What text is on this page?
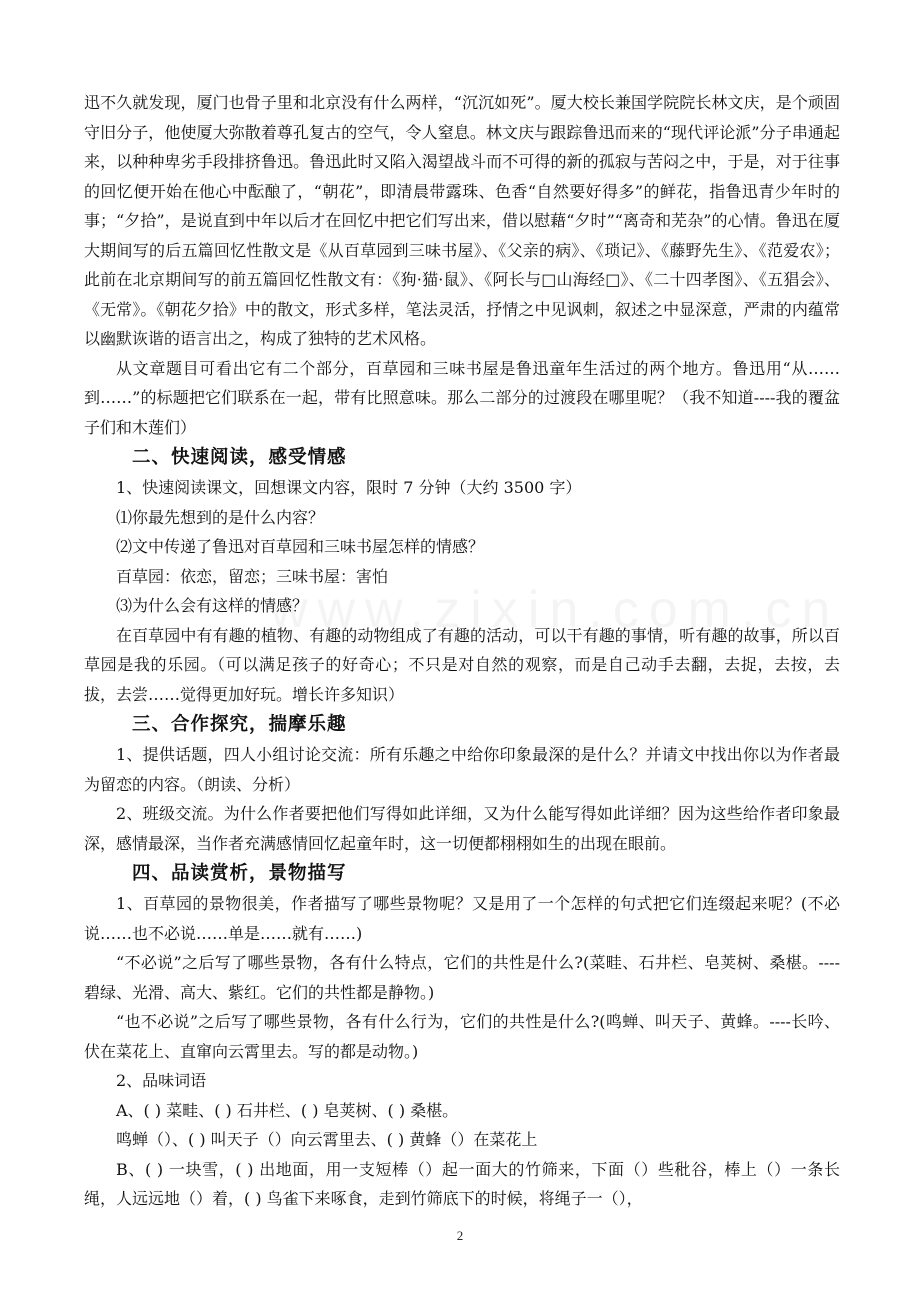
迅不久就发现，厦门也骨子里和北京没有什么两样，“沉沉如死”。厦大校长兼国学院院长林文庆，是个顽固守旧分子，他使厦大弥散着尊孔复古的空气，令人窒息。林文庆与跟踪鲁迅而来的“现代评论派”分子串通起来，以种种卑劣手段排挤鲁迅。鲁迅此时又陷入渴望战斗而不可得的新的孤寂与苦闷之中，于是，对于往事的回忆便开始在他心中酝酿了，“朝花”，即清晨带露珠、色香“自然要好得多”的鲜花，指鲁迅青少年时的事；“夕拾”，是说直到中年以后才在回忆中把它们写出来，借以慰藉“夕时”“离奇和芜杂”的心情。鲁迅在厦大期间写的后五篇回忆性散文是《从百草园到三味书屋》、《父亲的病》、《琐记》、《藤野先生》、《范爱农》；此前在北京期间写的前五篇回忆性散文有：《狗·猫·鼠》、《阿长与□山海经□》、《二十四孝图》、《五猖会》、《无常》。《朝花夕拾》中的散文，形式多样，笔法灵活，抒情之中见讽刺，叙述之中显深意，严肃的内蕴常以幽默诙谐的语言出之，构成了独特的艺术风格。

从文章题目可看出它有二个部分，百草园和三味书屋是鲁迅童年生活过的两个地方。鲁迅用“从……到……”的标题把它们联系在一起，带有比照意味。那么二部分的过渡段在哪里呢？（我不知道----我的覆盆子们和木莲们）

二、快速阅读，感受情感

1、快速阅读课文，回想课文内容，限时 7 分钟（大约 3500 字）

⑴你最先想到的是什么内容？

⑵文中传递了鲁迅对百草园和三味书屋怎样的情感？

百草园：依恋，留恋；三味书屋：害怕

⑶为什么会有这样的情感？

在百草园中有有趣的植物、有趣的动物组成了有趣的活动，可以干有趣的事情，听有趣的故事，所以百草园是我的乐园。（可以满足孩子的好奇心；不只是对自然的观察，而是自己动手去翻，去捉，去按，去拔，去尝……觉得更加好玩。增长许多知识）

三、合作探究，揣摩乐趣

1、提供话题，四人小组讨论交流：所有乐趣之中给你印象最深的是什么？并请文中找出你以为作者最为留恋的内容。（朗读、分析）

2、班级交流。为什么作者要把他们写得如此详细，又为什么能写得如此详细？因为这些给作者印象最深，感情最深，当作者充满感情回忆起童年时，这一切便都栩栩如生的出现在眼前。

四、品读赏析，景物描写

1、百草园的景物很美，作者描写了哪些景物呢？又是用了一个怎样的句式把它们连缀起来呢？(不必说……也不必说……单是……就有……)

“不必说”之后写了哪些景物，各有什么特点，它们的共性是什么?(菜畦、石井栏、皂荚树、桑椹。----碧绿、光滑、高大、紫红。它们的共性都是静物。)

“也不必说”之后写了哪些景物，各有什么行为，它们的共性是什么?(鸣蝉、叫天子、黄蜂。----长吟、伏在菜花上、直窜向云霄里去。写的都是动物。)

2、品味词语

A、( ) 菜畦、( ) 石井栏、( ) 皂荚树、( ) 桑椹。

鸣蝉（）、( ) 叫天子（）向云霄里去、( ) 黄蜂（）在菜花上

B、( ) 一块雪，( ) 出地面，用一支短棒（）起一面大的竹筛来，下面（）些秕谷，棒上（）一条长绳，人远远地（）着，( ) 鸟雀下来啄食，走到竹筛底下的时候，将绳子一（），

2
